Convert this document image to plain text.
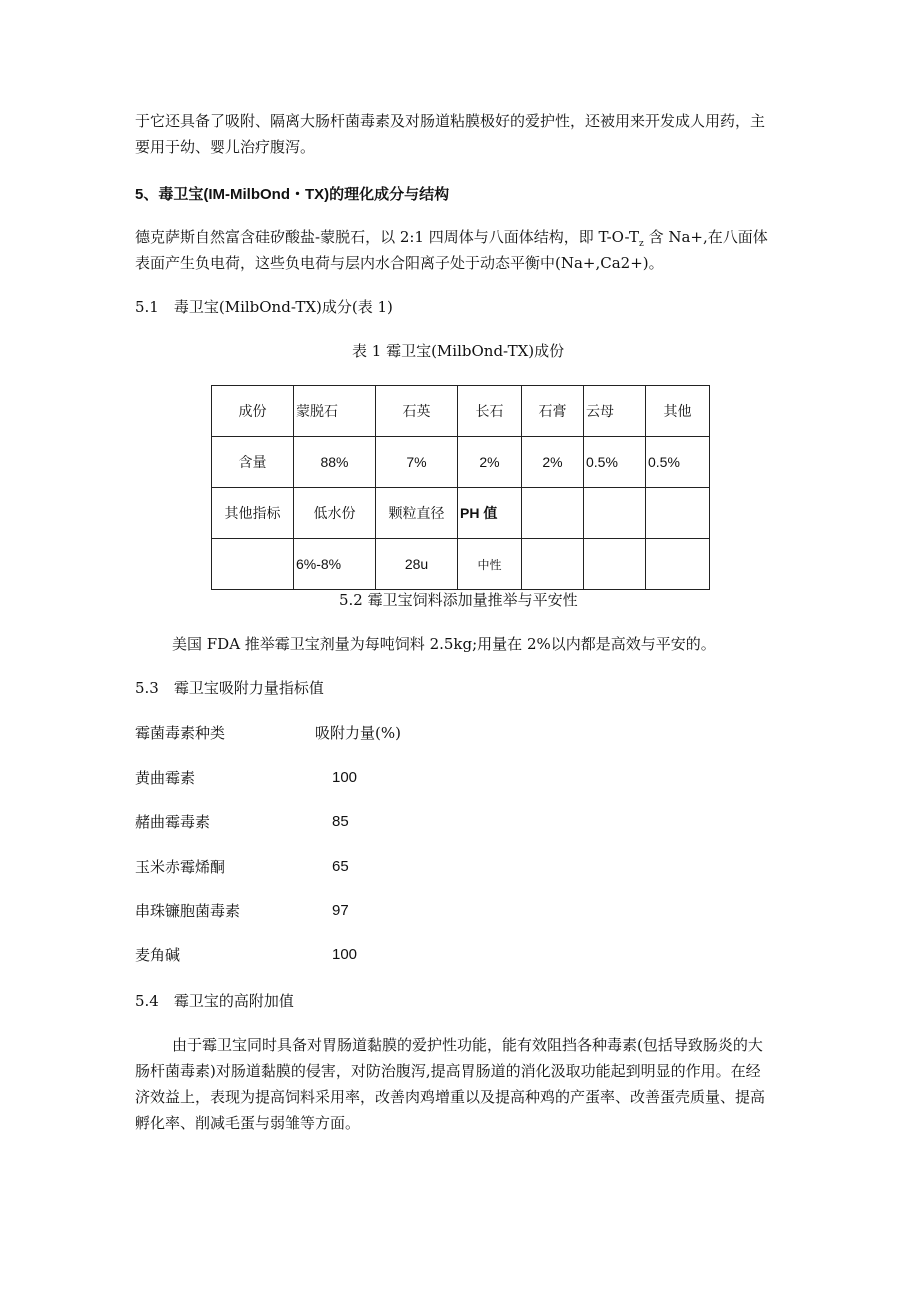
于它还具备了吸附、隔离大肠杆菌毒素及对肠道粘膜极好的爱护性，还被用来开发成人用药，主
要用于幼、婴儿治疗腹泻。
5、毒卫宝(IM-MilbOnd・TX)的理化成分与结构
德克萨斯自然富含硅矽酸盐-蒙脱石，以 2:1 四周体与八面体结构，即 $T-O-T_z$ 含 Na+,在八面体
表面产生负电荷，这些负电荷与层内水合阳离子处于动态平衡中(Na+,Ca2+)。
5.1　毒卫宝(MilbOnd-TX)成分(表 1)
表 1 霉卫宝(MilbOnd-TX)成份
成份	蒙脱石	石英	长石	石膏	云母	其他
含量	88%	7%	2%	2%	0.5%	0.5%
其他指标	低水份	颗粒直径	PH 值			
	6%-8%	28u	中性			
5.2 霉卫宝饲料添加量推举与平安性
美国 FDA 推举霉卫宝剂量为每吨饲料 2.5kg;用量在 2%以内都是高效与平安的。
5.3　霉卫宝吸附力量指标值
霉菌毒素种类	吸附力量(%)
黄曲霉素	100
赭曲霉毒素	85
玉米赤霉烯酮	65
串珠镰胞菌毒素	97
麦角碱	100
5.4　霉卫宝的高附加值
由于霉卫宝同时具备对胃肠道黏膜的爱护性功能，能有效阻挡各种毒素(包括导致肠炎的大
肠杆菌毒素)对肠道黏膜的侵害，对防治腹泻,提高胃肠道的消化汲取功能起到明显的作用。在经
济效益上，表现为提高饲料采用率，改善肉鸡增重以及提高种鸡的产蛋率、改善蛋壳质量、提高
孵化率、削减毛蛋与弱雏等方面。
